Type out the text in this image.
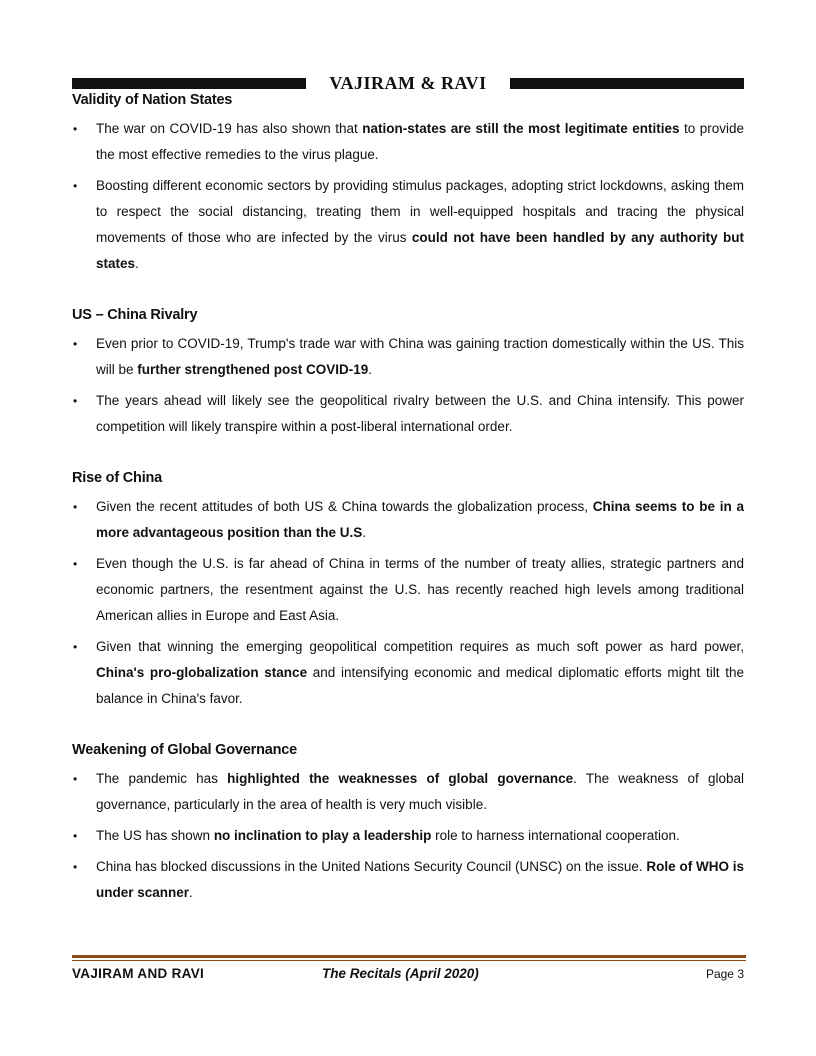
VAJIRAM & RAVI
Validity of Nation States
• The war on COVID-19 has also shown that nation-states are still the most legitimate entities to provide the most effective remedies to the virus plague.
• Boosting different economic sectors by providing stimulus packages, adopting strict lockdowns, asking them to respect the social distancing, treating them in well-equipped hospitals and tracing the physical movements of those who are infected by the virus could not have been handled by any authority but states.
US – China Rivalry
• Even prior to COVID-19, Trump's trade war with China was gaining traction domestically within the US. This will be further strengthened post COVID-19.
• The years ahead will likely see the geopolitical rivalry between the U.S. and China intensify. This power competition will likely transpire within a post-liberal international order.
Rise of China
• Given the recent attitudes of both US & China towards the globalization process, China seems to be in a more advantageous position than the U.S.
• Even though the U.S. is far ahead of China in terms of the number of treaty allies, strategic partners and economic partners, the resentment against the U.S. has recently reached high levels among traditional American allies in Europe and East Asia.
• Given that winning the emerging geopolitical competition requires as much soft power as hard power, China's pro-globalization stance and intensifying economic and medical diplomatic efforts might tilt the balance in China's favor.
Weakening of Global Governance
• The pandemic has highlighted the weaknesses of global governance. The weakness of global governance, particularly in the area of health is very much visible.
• The US has shown no inclination to play a leadership role to harness international cooperation.
• China has blocked discussions in the United Nations Security Council (UNSC) on the issue. Role of WHO is under scanner.
VAJIRAM AND RAVI	The Recitals (April 2020)	Page 3
